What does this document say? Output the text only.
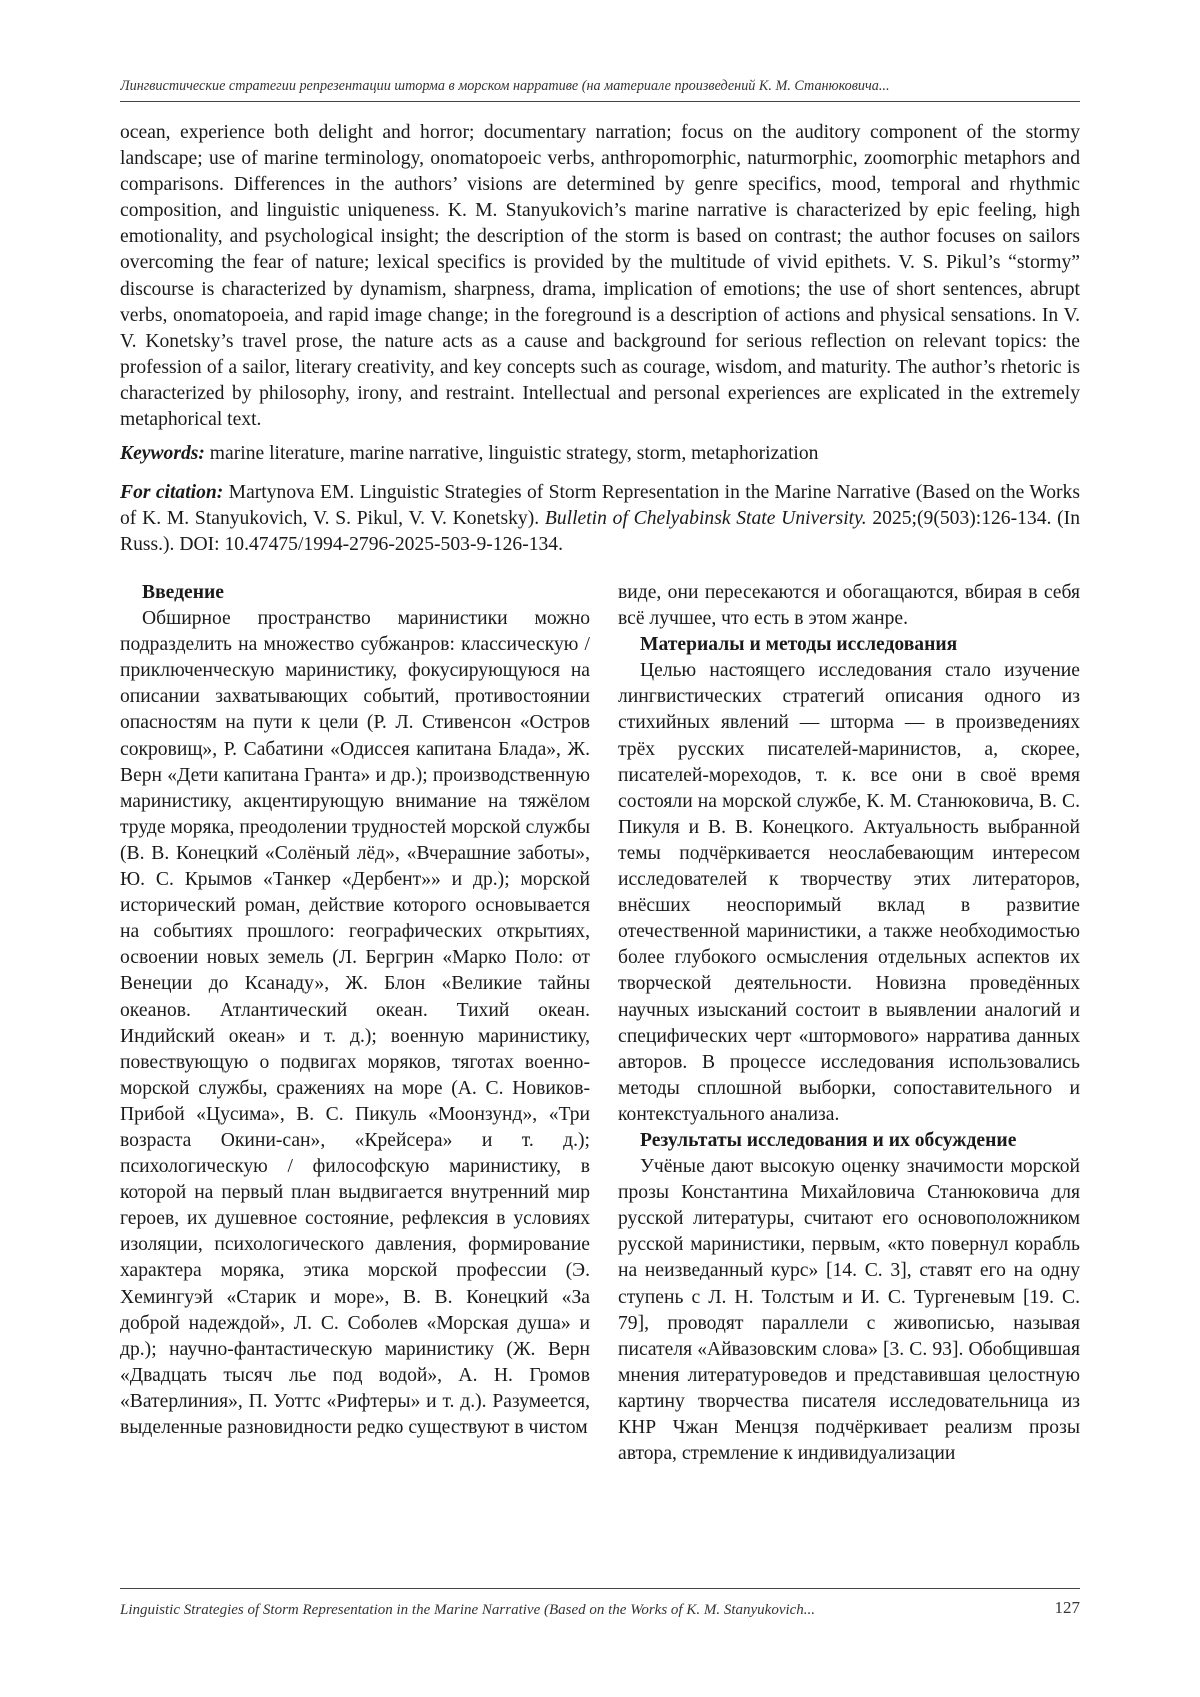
Лингвистические стратегии репрезентации шторма в морском нарративе (на материале произведений К. М. Станюковича...

ocean, experience both delight and horror; documentary narration; focus on the auditory component of the stormy landscape; use of marine terminology, onomatopoeic verbs, anthropomorphic, naturmorphic, zoomorphic metaphors and comparisons. Differences in the authors’ visions are determined by genre specifics, mood, temporal and rhythmic composition, and linguistic uniqueness. K. M. Stanyukovich’s marine narrative is characterized by epic feeling, high emotionality, and psychological insight; the description of the storm is based on contrast; the author focuses on sailors overcoming the fear of nature; lexical specifics is provided by the multitude of vivid epithets. V. S. Pikul’s “stormy” discourse is characterized by dynamism, sharpness, drama, implication of emotions; the use of short sentences, abrupt verbs, onomatopoeia, and rapid image change; in the foreground is a description of actions and physical sensations. In V. V. Konetsky’s travel prose, the nature acts as a cause and background for serious reflection on relevant topics: the profession of a sailor, literary creativity, and key concepts such as courage, wisdom, and maturity. The author’s rhetoric is characterized by philosophy, irony, and restraint. Intellectual and personal experiences are explicated in the extremely metaphorical text.

Keywords: marine literature, marine narrative, linguistic strategy, storm, metaphorization

For citation: Martynova EM. Linguistic Strategies of Storm Representation in the Marine Narrative (Based on the Works of K. M. Stanyukovich, V. S. Pikul, V. V. Konetsky). Bulletin of Chelyabinsk State University. 2025;(9(503):126-134. (In Russ.). DOI: 10.47475/1994-2796-2025-503-9-126-134.

Введение

Обширное пространство маринистики можно подразделить на множество субжанров: классическую / приключенческую маринистику, фокусирующуюся на описании захватывающих событий, противостоянии опасностям на пути к цели (Р. Л. Стивенсон «Остров сокровищ», Р. Сабатини «Одиссея капитана Блада», Ж. Верн «Дети капитана Гранта» и др.); производственную маринистику, акцентирующую внимание на тяжёлом труде моряка, преодолении трудностей морской службы (В. В. Конецкий «Солёный лёд», «Вчерашние заботы», Ю. С. Крымов «Танкер «Дербент»» и др.); морской исторический роман, действие которого основывается на событиях прошлого: географических открытиях, освоении новых земель (Л. Бергрин «Марко Поло: от Венеции до Ксанаду», Ж. Блон «Великие тайны океанов. Атлантический океан. Тихий океан. Индийский океан» и т. д.); военную маринистику, повествующую о подвигах моряков, тяготах военно-морской службы, сражениях на море (А. С. Новиков-Прибой «Цусима», В. С. Пикуль «Моонзунд», «Три возраста Окини-сан», «Крейсера» и т. д.); психологическую / философскую маринистику, в которой на первый план выдвигается внутренний мир героев, их душевное состояние, рефлексия в условиях изоляции, психологического давления, формирование характера моряка, этика морской профессии (Э. Хемингуэй «Старик и море», В. В. Конецкий «За доброй надеждой», Л. С. Соболев «Морская душа» и др.); научно-фантастическую маринистику (Ж. Верн «Двадцать тысяч лье под водой», А. Н. Громов «Ватерлиния», П. Уоттс «Рифтеры» и т. д.). Разумеется, выделенные разновидности редко существуют в чистом

виде, они пересекаются и обогащаются, вбирая в себя всё лучшее, что есть в этом жанре.

Материалы и методы исследования

Целью настоящего исследования стало изучение лингвистических стратегий описания одного из стихийных явлений — шторма — в произведениях трёх русских писателей-маринистов, а, скорее, писателей-мореходов, т. к. все они в своё время состояли на морской службе, К. М. Станюковича, В. С. Пикуля и В. В. Конецкого. Актуальность выбранной темы подчёркивается неослабевающим интересом исследователей к творчеству этих литераторов, внёсших неоспоримый вклад в развитие отечественной маринистики, а также необходимостью более глубокого осмысления отдельных аспектов их творческой деятельности. Новизна проведённых научных изысканий состоит в выявлении аналогий и специфических черт «штормового» нарратива данных авторов. В процессе исследования использовались методы сплошной выборки, сопоставительного и контекстуального анализа.

Результаты исследования и их обсуждение

Учёные дают высокую оценку значимости морской прозы Константина Михайловича Станюковича для русской литературы, считают его основоположником русской маринистики, первым, «кто повернул корабль на неизведанный курс» [14. С. 3], ставят его на одну ступень с Л. Н. Толстым и И. С. Тургеневым [19. С. 79], проводят параллели с живописью, называя писателя «Айвазовским слова» [3. С. 93]. Обобщившая мнения литературоведов и представившая целостную картину творчества писателя исследовательница из КНР Чжан Менцзя подчёркивает реализм прозы автора, стремление к индивидуализации

Linguistic Strategies of Storm Representation in the Marine Narrative (Based on the Works of K. M. Stanyukovich...	127
